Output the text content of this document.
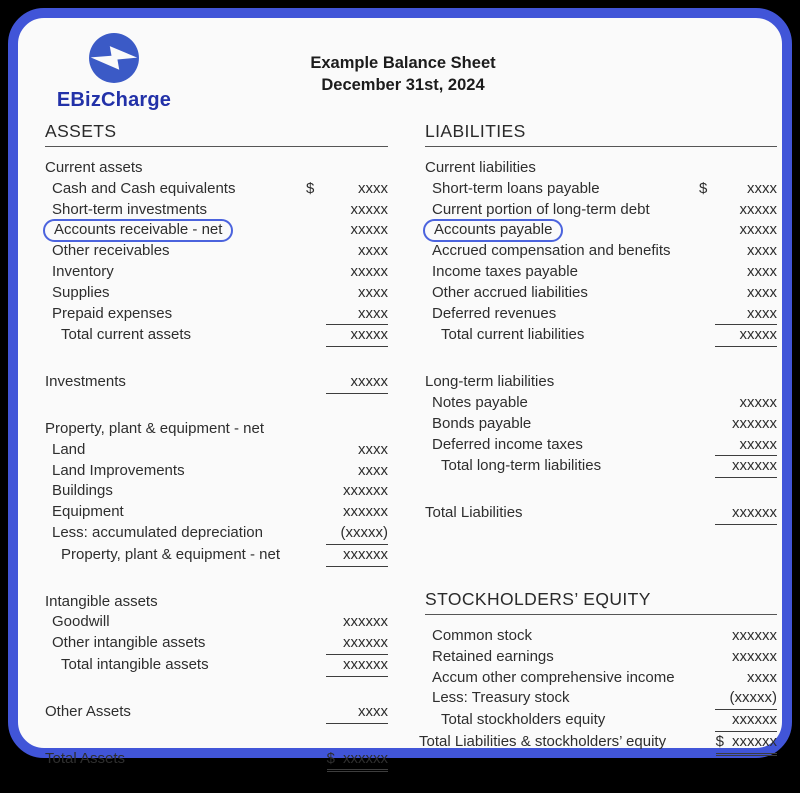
EBizCharge
Example Balance Sheet
December 31st, 2024
ASSETS
Current assets
Cash and Cash equivalents	$	xxxx
Short-term investments	xxxxx
Accounts receivable - net	xxxxx
Other receivables	xxxx
Inventory	xxxxx
Supplies	xxxx
Prepaid expenses	xxxx
Total current assets	xxxxx
Investments	xxxxx
Property, plant & equipment - net
Land	xxxx
Land Improvements	xxxx
Buildings	xxxxxx
Equipment	xxxxxx
Less: accumulated depreciation	(xxxxx)
Property, plant & equipment - net	xxxxxx
Intangible assets
Goodwill	xxxxxx
Other intangible assets	xxxxxx
Total intangible assets	xxxxxx
Other Assets	xxxx
Total Assets	$ xxxxxx
LIABILITIES
Current liabilities
Short-term loans payable	$	xxxx
Current portion of long-term debt	xxxxx
Accounts payable	xxxxx
Accrued compensation and benefits	xxxx
Income taxes payable	xxxx
Other accrued liabilities	xxxx
Deferred revenues	xxxx
Total current liabilities	xxxxx
Long-term liabilities
Notes payable	xxxxx
Bonds payable	xxxxxx
Deferred income taxes	xxxxx
Total long-term liabilities	xxxxxx
Total Liabilities	xxxxxx
STOCKHOLDERS’ EQUITY
Common stock	xxxxxx
Retained earnings	xxxxxx
Accum other comprehensive income	xxxx
Less: Treasury stock	(xxxxx)
Total stockholders equity	xxxxxx
Total Liabilities & stockholders’ equity	$ xxxxxx
